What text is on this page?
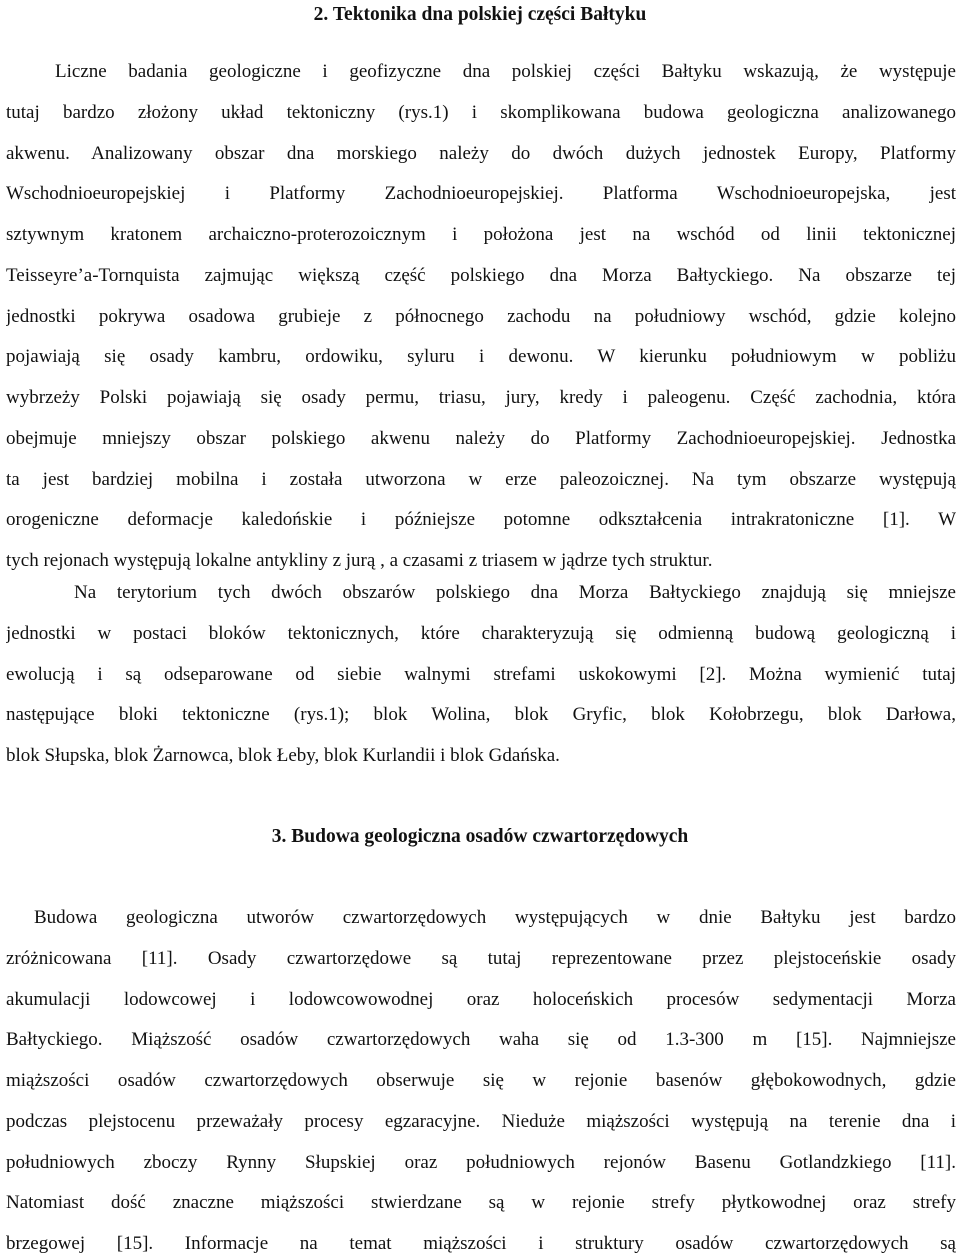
2. Tektonika dna polskiej części Bałtyku
Liczne badania geologiczne i geofizyczne dna polskiej części Bałtyku wskazują, że występuje
tutaj bardzo złożony układ tektoniczny (rys.1) i skomplikowana budowa geologiczna analizowanego
akwenu. Analizowany obszar dna morskiego należy do dwóch dużych jednostek Europy, Platformy
Wschodnioeuropejskiej i Platformy Zachodnioeuropejskiej. Platforma Wschodnioeuropejska, jest
sztywnym kratonem archaiczno-proterozoicznym i położona jest na wschód od linii tektonicznej
Teisseyre’a-Tornquista zajmując większą część polskiego dna Morza Bałtyckiego. Na obszarze tej
jednostki pokrywa osadowa grubieje z północnego zachodu na południowy wschód, gdzie kolejno
pojawiają się osady kambru, ordowiku, syluru i dewonu. W kierunku południowym w pobliżu
wybrzeży Polski pojawiają się osady permu, triasu, jury, kredy i paleogenu. Część zachodnia, która
obejmuje mniejszy obszar polskiego akwenu należy do Platformy Zachodnioeuropejskiej. Jednostka
ta jest bardziej mobilna i została utworzona w erze paleozoicznej. Na tym obszarze występują
orogeniczne deformacje kaledońskie i późniejsze potomne odkształcenia intrakratoniczne [1]. W
tych rejonach występują lokalne antykliny z jurą , a czasami z triasem w jądrze tych struktur.
Na terytorium tych dwóch obszarów polskiego dna Morza Bałtyckiego znajdują się mniejsze
jednostki w postaci bloków tektonicznych, które charakteryzują się odmienną budową geologiczną i
ewolucją i są odseparowane od siebie walnymi strefami uskokowymi [2]. Można wymienić tutaj
następujące bloki tektoniczne (rys.1); blok Wolina, blok Gryfic, blok Kołobrzegu, blok Darłowa,
blok Słupska, blok Żarnowca, blok Łeby, blok Kurlandii i blok Gdańska.
3. Budowa geologiczna osadów czwartorzędowych
Budowa geologiczna utworów czwartorzędowych występujących w dnie Bałtyku jest bardzo
zróżnicowana [11]. Osady czwartorzędowe są tutaj reprezentowane przez plejstoceńskie osady
akumulacji lodowcowej i lodowcowowodnej oraz holoceńskich procesów sedymentacji Morza
Bałtyckiego. Miąższość osadów czwartorzędowych waha się od 1.3-300 m [15]. Najmniejsze
miąższości osadów czwartorzędowych obserwuje się w rejonie basenów głębokowodnych, gdzie
podczas plejstocenu przeważały procesy egzaracyjne. Nieduże miąższości występują na terenie dna i
południowych zboczy Rynny Słupskiej oraz południowych rejonów Basenu Gotlandzkiego [11].
Natomiast dość znaczne miąższości stwierdzane są w rejonie strefy płytkowodnej oraz strefy
brzegowej [15]. Informacje na temat miąższości i struktury osadów czwartorzędowych są
